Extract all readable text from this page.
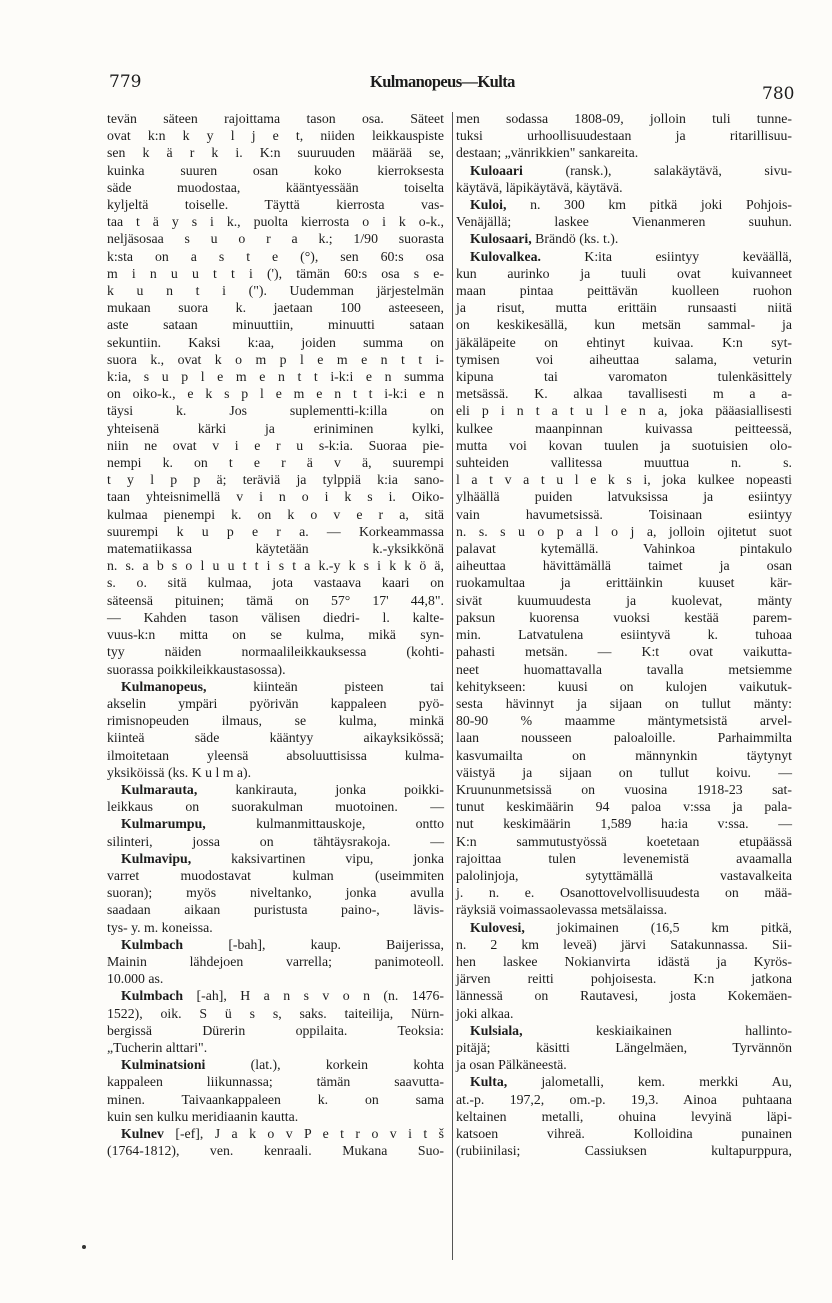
779	Kulmanopeus—Kulta
780
tevän säteen rajoittama tason osa. Säteet
ovat k:n k y l j e t, niiden leikkauspiste
sen k ä r k i. K:n suuruuden määrää se,
kuinka suuren osan koko kierroksesta
säde muodostaa, kääntyessään toiselta
kyljeltä toiselle. Täyttä kierrosta vas-
taa t ä y s i k., puolta kierrosta o i k o-k.,
neljäsosaa s u o r a k.; 1/90 suorasta
k:sta on a s t e (°), sen 60:s osa
m i n u u t t i ('), tämän 60:s osa s e-
k u n t i ("). Uudemman järjestelmän
mukaan suora k. jaetaan 100 asteeseen,
aste sataan minuuttiin, minuutti sataan
sekuntiin. Kaksi k:aa, joiden summa on
suora k., ovat k o m p l e m e n t t i-
k:ia, s u p l e m e n t t i-k:i e n summa
on oiko-k., e k s p l e m e n t t i-k:i e n
täysi k. Jos suplementti-k:illa on
yhteisenä kärki ja eriniminen kylki,
niin ne ovat v i e r u s-k:ia. Suoraa pie-
nempi k. on t e r ä v ä, suurempi
t y l p p ä; teräviä ja tylppiä k:ia sano-
taan yhteisnimellä v i n o i k s i. Oiko-
kulmaa pienempi k. on k o v e r a, sitä
suurempi k u p e r a. — Korkeammassa
matematiikassa käytetään k.-yksikkönä
n. s. a b s o l u u t t i s t a k.-y k s i k k ö ä,
s. o. sitä kulmaa, jota vastaava kaari on
säteensä pituinen; tämä on 57° 17' 44,8".
— Kahden tason välisen diedri- l. kalte-
vuus-k:n mitta on se kulma, mikä syn-
tyy näiden normaalileikkauksessa (kohti-
suorassa poikkileikkaustasossa).
Kulmanopeus, kiinteän pisteen tai
akselin ympäri pyörivän kappaleen pyö-
rimisnopeuden ilmaus, se kulma, minkä
kiinteä säde kääntyy aikayksikössä;
ilmoitetaan yleensä absoluuttisissa kulma-
yksiköissä (ks. K u l m a).
Kulmarauta, kankirauta, jonka poikki-
leikkaus on suorakulman muotoinen. —
Kulmarumpu, kulmanmittauskoje, ontto
silinteri, jossa on tähtäysrakoja. —
Kulmavipu, kaksivartinen vipu, jonka
varret muodostavat kulman (useimmiten
suoran); myös niveltanko, jonka avulla
saadaan aikaan puristusta paino-, lävis-
tys- y. m. koneissa.
Kulmbach [-bah], kaup. Baijerissa,
Mainin lähdejoen varrella; panimoteoll.
10.000 as.
Kulmbach [-ah], H a n s v o n (n. 1476-
1522), oik. S ü s s, saks. taiteilija, Nürn-
bergissä Dürerin oppilaita. Teoksia:
„Tucherin alttari".
Kulminatsioni (lat.), korkein kohta
kappaleen liikunnassa; tämän saavutta-
minen. Taivaankappaleen k. on sama
kuin sen kulku meridiaanin kautta.
Kulnev [-ef], J a k o v P e t r o v i t š
(1764-1812), ven. kenraali. Mukana Suo-
men sodassa 1808-09, jolloin tuli tunne-
tuksi urhoollisuudestaan ja ritarillisuu-
destaan; „vänrikkien" sankareita.
Kuloaari (ransk.), salakäytävä, sivu-
käytävä, läpikäytävä, käytävä.
Kuloi, n. 300 km pitkä joki Pohjois-
Venäjällä; laskee Vienanmeren suuhun.
Kulosaari, Brändö (ks. t.).
Kulovalkea. K:ita esiintyy keväällä,
kun aurinko ja tuuli ovat kuivanneet
maan pintaa peittävän kuolleen ruohon
ja risut, mutta erittäin runsaasti niitä
on keskikesällä, kun metsän sammal- ja
jäkäläpeite on ehtinyt kuivaa. K:n syt-
tymisen voi aiheuttaa salama, veturin
kipuna tai varomaton tulenkäsittely
metsässä. K. alkaa tavallisesti m a a-
eli p i n t a t u l e n a, joka pääasiallisesti
kulkee maanpinnan kuivassa peitteessä,
mutta voi kovan tuulen ja suotuisien olo-
suhteiden vallitessa muuttua n. s.
l a t v a t u l e k s i, joka kulkee nopeasti
ylhäällä puiden latvuksissa ja esiintyy
vain havumetsissä. Toisinaan esiintyy
n. s. s u o p a l o j a, jolloin ojitetut suot
palavat kytemällä. Vahinkoa pintakulo
aiheuttaa hävittämällä taimet ja osan
ruokamultaa ja erittäinkin kuuset kär-
sivät kuumuudesta ja kuolevat, mänty
paksun kuorensa vuoksi kestää parem-
min. Latvatulena esiintyvä k. tuhoaa
pahasti metsän. — K:t ovat vaikutta-
neet huomattavalla tavalla metsiemme
kehitykseen: kuusi on kulojen vaikutuk-
sesta hävinnyt ja sijaan on tullut mänty:
80-90 % maamme mäntymetsistä arvel-
laan nousseen paloaloille. Parhaimmilta
kasvumailta on männynkin täytynyt
väistyä ja sijaan on tullut koivu. —
Kruununmetsissä on vuosina 1918-23 sat-
tunut keskimäärin 94 paloa v:ssa ja pala-
nut keskimäärin 1,589 ha:ia v:ssa. —
K:n sammutustyössä koetetaan etupäässä
rajoittaa tulen levenemistä avaamalla
palolinjoja, sytyttämällä vastavalkeita
j. n. e. Osanottovelvollisuudesta on mää-
räyksiä voimassaolevassa metsälaissa.
Kulovesi, jokimainen (16,5 km pitkä,
n. 2 km leveä) järvi Satakunnassa. Sii-
hen laskee Nokianvirta idästä ja Kyrös-
järven reitti pohjoisesta. K:n jatkona
lännessä on Rautavesi, josta Kokemäen-
joki alkaa.
Kulsiala, keskiaikainen hallinto-
pitäjä; käsitti Längelmäen, Tyrvännön
ja osan Pälkäneestä.
Kulta, jalometalli, kem. merkki Au,
at.-p. 197,2, om.-p. 19,3. Ainoa puhtaana
keltainen metalli, ohuina levyinä läpi-
katsoen vihreä. Kolloidina punainen
(rubiinilasi; Cassiuksen kultapurppura,
